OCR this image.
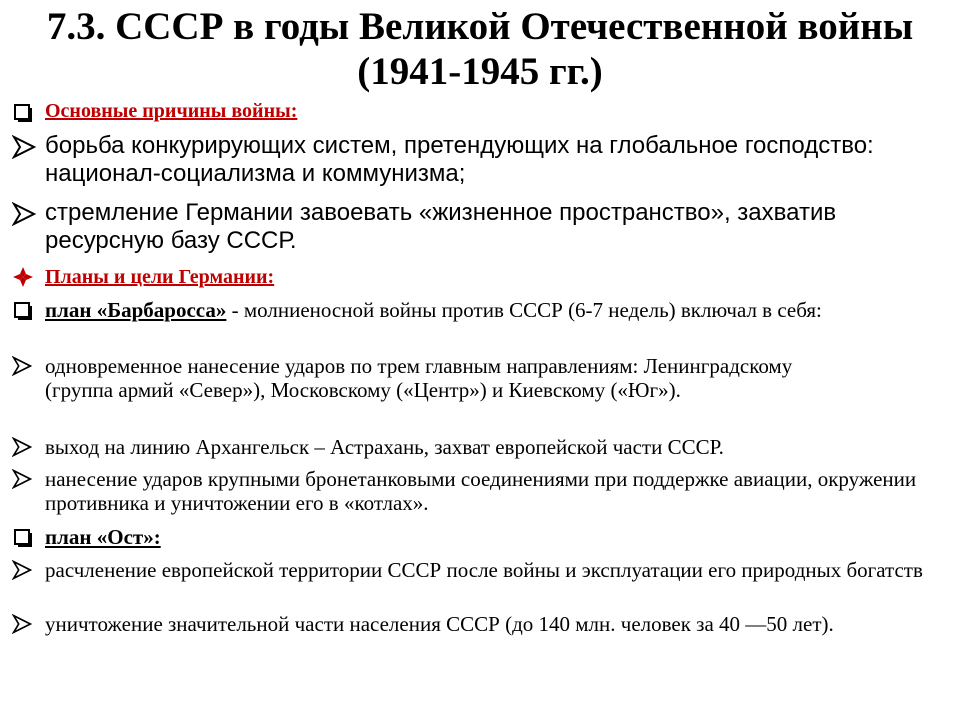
7.3. СССР в годы Великой Отечественной войны (1941-1945 гг.)
Основные причины войны:
борьба конкурирующих систем, претендующих на глобальное господство: национал-социализма и коммунизма;
стремление Германии завоевать «жизненное пространство», захватив ресурсную базу СССР.
Планы и цели Германии:
план «Барбаросса» - молниеносной войны против СССР (6-7 недель) включал в себя:
одновременное нанесение ударов по трем главным направлениям: Ленинградскому (группа армий «Север»), Московскому («Центр») и Киевскому («Юг»).
выход на линию Архангельск – Астрахань, захват европейской части СССР.
нанесение ударов крупными бронетанковыми соединениями при поддержке авиации, окружении противника и уничтожении его в «котлах».
план «Ост»:
расчленение европейской территории СССР после войны и эксплуатации его природных богатств
уничтожение значительной части населения СССР (до 140 млн. человек за 40 —50 лет).
